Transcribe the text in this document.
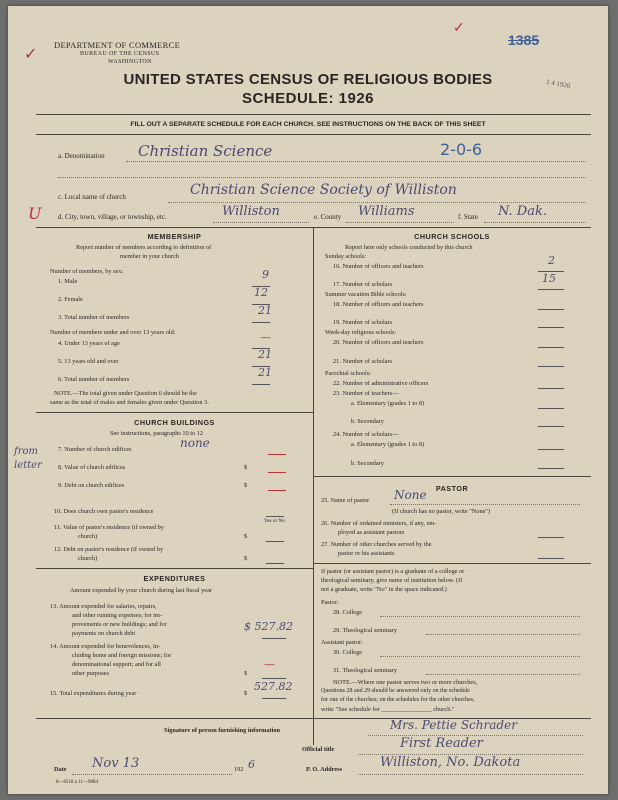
✓
✓
DEPARTMENT OF COMMERCE
BUREAU OF THE CENSUS
WASHINGTON
1385
1 4 1926
UNITED STATES CENSUS OF RELIGIOUS BODIES
SCHEDULE: 1926
FILL OUT A SEPARATE SCHEDULE FOR EACH CHURCH. SEE INSTRUCTIONS ON THE BACK OF THIS SHEET
a. Denomination Christian Science	2-0-6
c. Local name of church	Christian Science Society of Williston
U d. City, town, village, or township, etc.	Williston	e. County Williams	f. State N. Dak.
MEMBERSHIP
Report number of members according to definition of
member in your church
Number of members, by sex:
1. Male
9
2. Female
12
3. Total number of members
21
Number of members under and over 13 years old:
4. Under 13 years of age	—
5. 13 years old and over
21
6. Total number of members
21
NOTE.—The total given under Question 6 should be the
same as the total of males and females given under Question 3.
CHURCH BUILDINGS
See instructions, paragraphs 10 to 12
from
letter
7. Number of church edifices	none
8. Value of church edifices	$
9. Debt on church edifices	$
10. Does church own pastor's residence
Yes or No
11. Value of pastor's residence (if owned by
church)	$
12. Debt on pastor's residence (if owned by
church)	$
EXPENDITURES
Amount expended by your church during last fiscal year
13. Amount expended for salaries, repairs,
and other running expenses; for im-
provements or new buildings; and for
payments on church debt
$ 527.82
14. Amount expended for benevolences, in-
cluding home and foreign missions; for
denominational support; and for all
other purposes	$
—
15. Total expenditures during year	$
527.82
CHURCH SCHOOLS
Report here only schools conducted by this church
Sunday schools:
16. Number of officers and teachers	2
17. Number of scholars	15
Summer vacation Bible schools:
18. Number of officers and teachers
19. Number of scholars
Week-day religious schools:
20. Number of officers and teachers
21. Number of scholars
Parochial schools:
22. Number of administrative officers
23. Number of teachers—
a. Elementary (grades 1 to 8)
b. Secondary
24. Number of scholars—
a. Elementary (grades 1 to 8)
b. Secondary
PASTOR
25. Name of pastor None
(If church has no pastor, write "None")
26. Number of ordained ministers, if any, em-
ployed as assistant pastors
27. Number of other churches served by the
pastor or his assistants
If pastor (or assistant pastor) is a graduate of a college or
theological seminary, give name of institution below. (If
not a graduate, write "No" in the space indicated.)
Pastor:
28. College
29. Theological seminary
Assistant pastor:
30. College
31. Theological seminary
NOTE.—Where one pastor serves two or more churches,
Questions 28 and 29 should be answered only on the schedule
for one of the churches; on the schedules for the other churches,
write "See schedule for ________________ church."
Signature of person furnishing information	Mrs. Pettie Schrader
Official title	First Reader
Date Nov 13	192 6	P. O. Address	Williston, No. Dakota
8—6518 a 11—9084
